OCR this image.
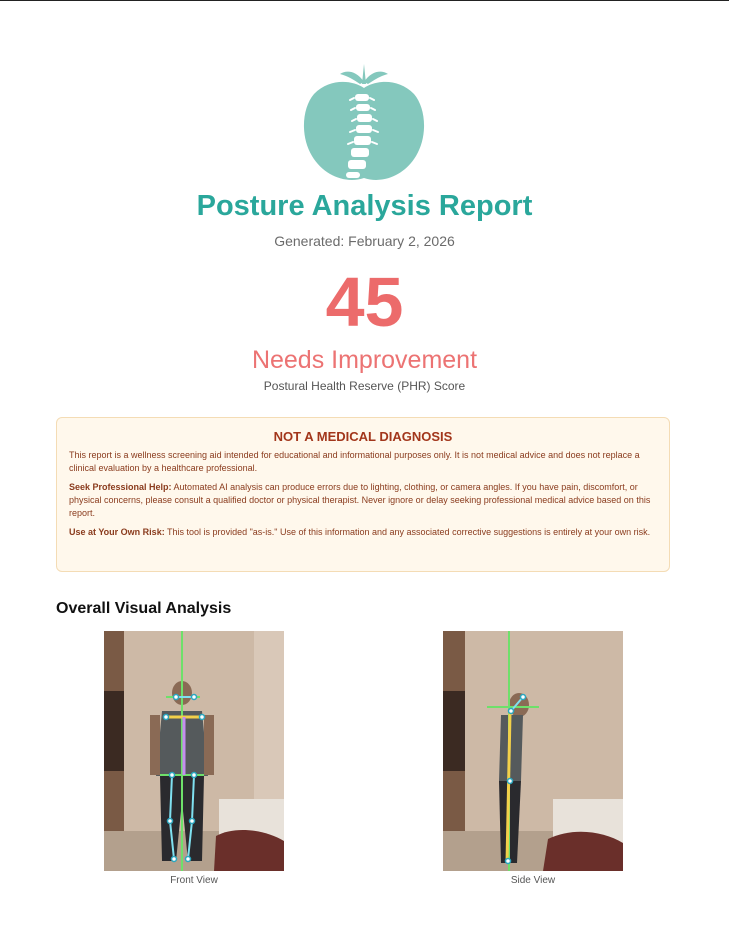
Posture Analysis Report
Generated: February 2, 2026
45
Needs Improvement
Postural Health Reserve (PHR) Score
NOT A MEDICAL DIAGNOSIS

This report is a wellness screening aid intended for educational and informational purposes only. It is not medical advice and does not replace a clinical evaluation by a healthcare professional.

Seek Professional Help: Automated AI analysis can produce errors due to lighting, clothing, or camera angles. If you have pain, discomfort, or physical concerns, please consult a qualified doctor or physical therapist. Never ignore or delay seeking professional medical advice based on this report.

Use at Your Own Risk: This tool is provided "as-is." Use of this information and any associated corrective suggestions is entirely at your own risk.

Overall Visual Analysis
Front View	Side View
